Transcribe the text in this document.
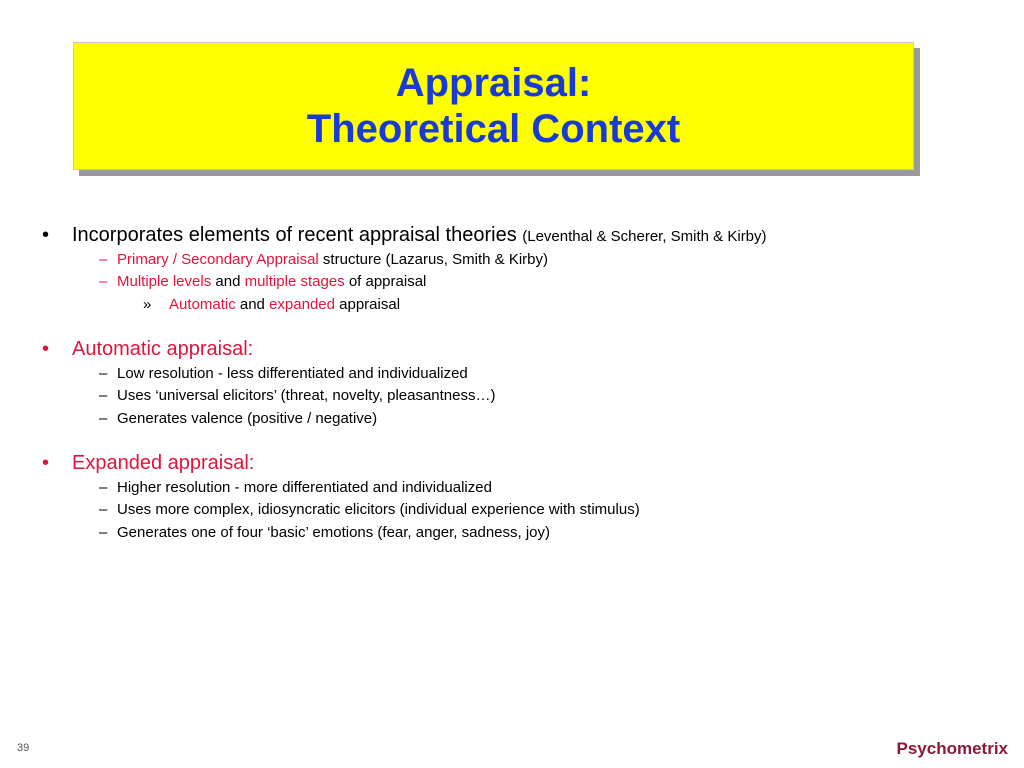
Appraisal:
Theoretical Context
• Incorporates elements of recent appraisal theories (Leventhal & Scherer, Smith & Kirby)
– Primary / Secondary Appraisal structure (Lazarus, Smith & Kirby)
– Multiple levels and multiple stages of appraisal
» Automatic and expanded appraisal
• Automatic appraisal:
– Low resolution - less differentiated and individualized
– Uses ‘universal elicitors’ (threat, novelty, pleasantness…)
– Generates valence (positive / negative)
• Expanded appraisal:
– Higher resolution - more differentiated and individualized
– Uses more complex, idiosyncratic elicitors (individual experience with stimulus)
– Generates one of four ‘basic’ emotions (fear, anger, sadness, joy)
39	Psychometrix
